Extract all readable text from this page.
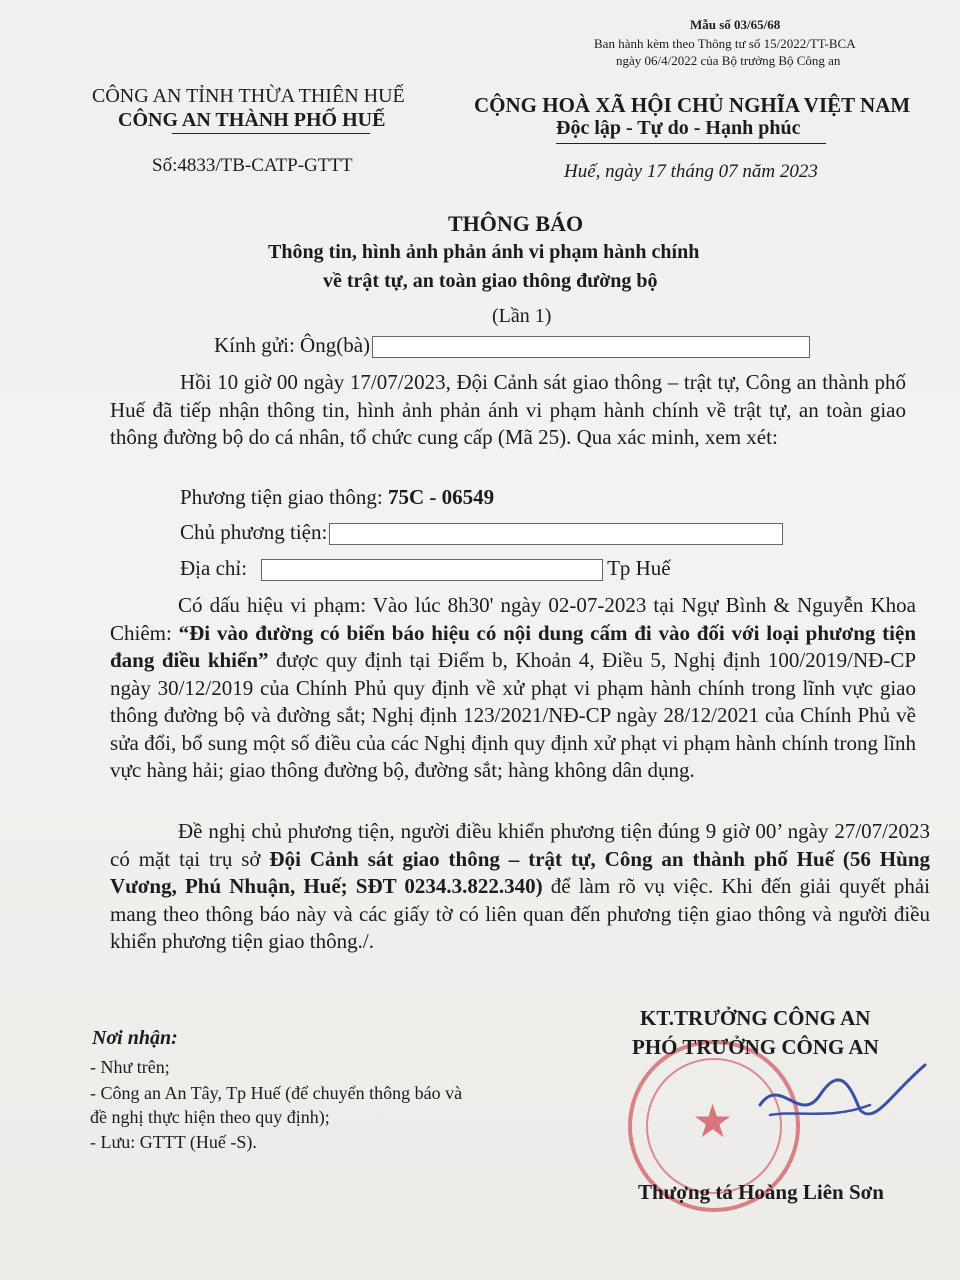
Mẫu số 03/65/68
Ban hành kèm theo Thông tư số 15/2022/TT-BCA
ngày 06/4/2022 của Bộ trưởng Bộ Công an
CÔNG AN TỈNH THỪA THIÊN HUẾ
CÔNG AN THÀNH PHỐ HUẾ
Số:4833/TB-CATP-GTTT
CỘNG HOÀ XÃ HỘI CHỦ NGHĨA VIỆT NAM
Độc lập - Tự do - Hạnh phúc
Huế, ngày 17 tháng 07 năm 2023
THÔNG BÁO
Thông tin, hình ảnh phản ánh vi phạm hành chính
về trật tự, an toàn giao thông đường bộ
(Lần 1)
Kính gửi: Ông(bà)
Hồi 10 giờ 00 ngày 17/07/2023, Đội Cảnh sát giao thông – trật tự, Công an thành phố Huế đã tiếp nhận thông tin, hình ảnh phản ánh vi phạm hành chính về trật tự, an toàn giao thông đường bộ do cá nhân, tổ chức cung cấp (Mã 25). Qua xác minh, xem xét:
Phương tiện giao thông: 75C - 06549
Chủ phương tiện:
Địa chỉ:	Tp Huế
Có dấu hiệu vi phạm: Vào lúc 8h30' ngày 02-07-2023 tại Ngự Bình & Nguyễn Khoa Chiêm: “Đi vào đường có biển báo hiệu có nội dung cấm đi vào đối với loại phương tiện đang điều khiển” được quy định tại Điểm b, Khoản 4, Điều 5, Nghị định 100/2019/NĐ-CP ngày 30/12/2019 của Chính Phủ quy định về xử phạt vi phạm hành chính trong lĩnh vực giao thông đường bộ và đường sắt; Nghị định 123/2021/NĐ-CP ngày 28/12/2021 của Chính Phủ về sửa đổi, bổ sung một số điều của các Nghị định quy định xử phạt vi phạm hành chính trong lĩnh vực hàng hải; giao thông đường bộ, đường sắt; hàng không dân dụng.
Đề nghị chủ phương tiện, người điều khiển phương tiện đúng 9 giờ 00’ ngày 27/07/2023 có mặt tại trụ sở Đội Cảnh sát giao thông – trật tự, Công an thành phố Huế (56 Hùng Vương, Phú Nhuận, Huế; SĐT 0234.3.822.340) để làm rõ vụ việc. Khi đến giải quyết phải mang theo thông báo này và các giấy tờ có liên quan đến phương tiện giao thông và người điều khiển phương tiện giao thông./.
Nơi nhận:
- Như trên;
- Công an An Tây, Tp Huế (để chuyển thông báo và
đề nghị thực hiện theo quy định);
- Lưu: GTTT (Huế -S).	★
KT.TRƯỞNG CÔNG AN
PHÓ TRƯỞNG CÔNG AN
Thượng tá Hoàng Liên Sơn
